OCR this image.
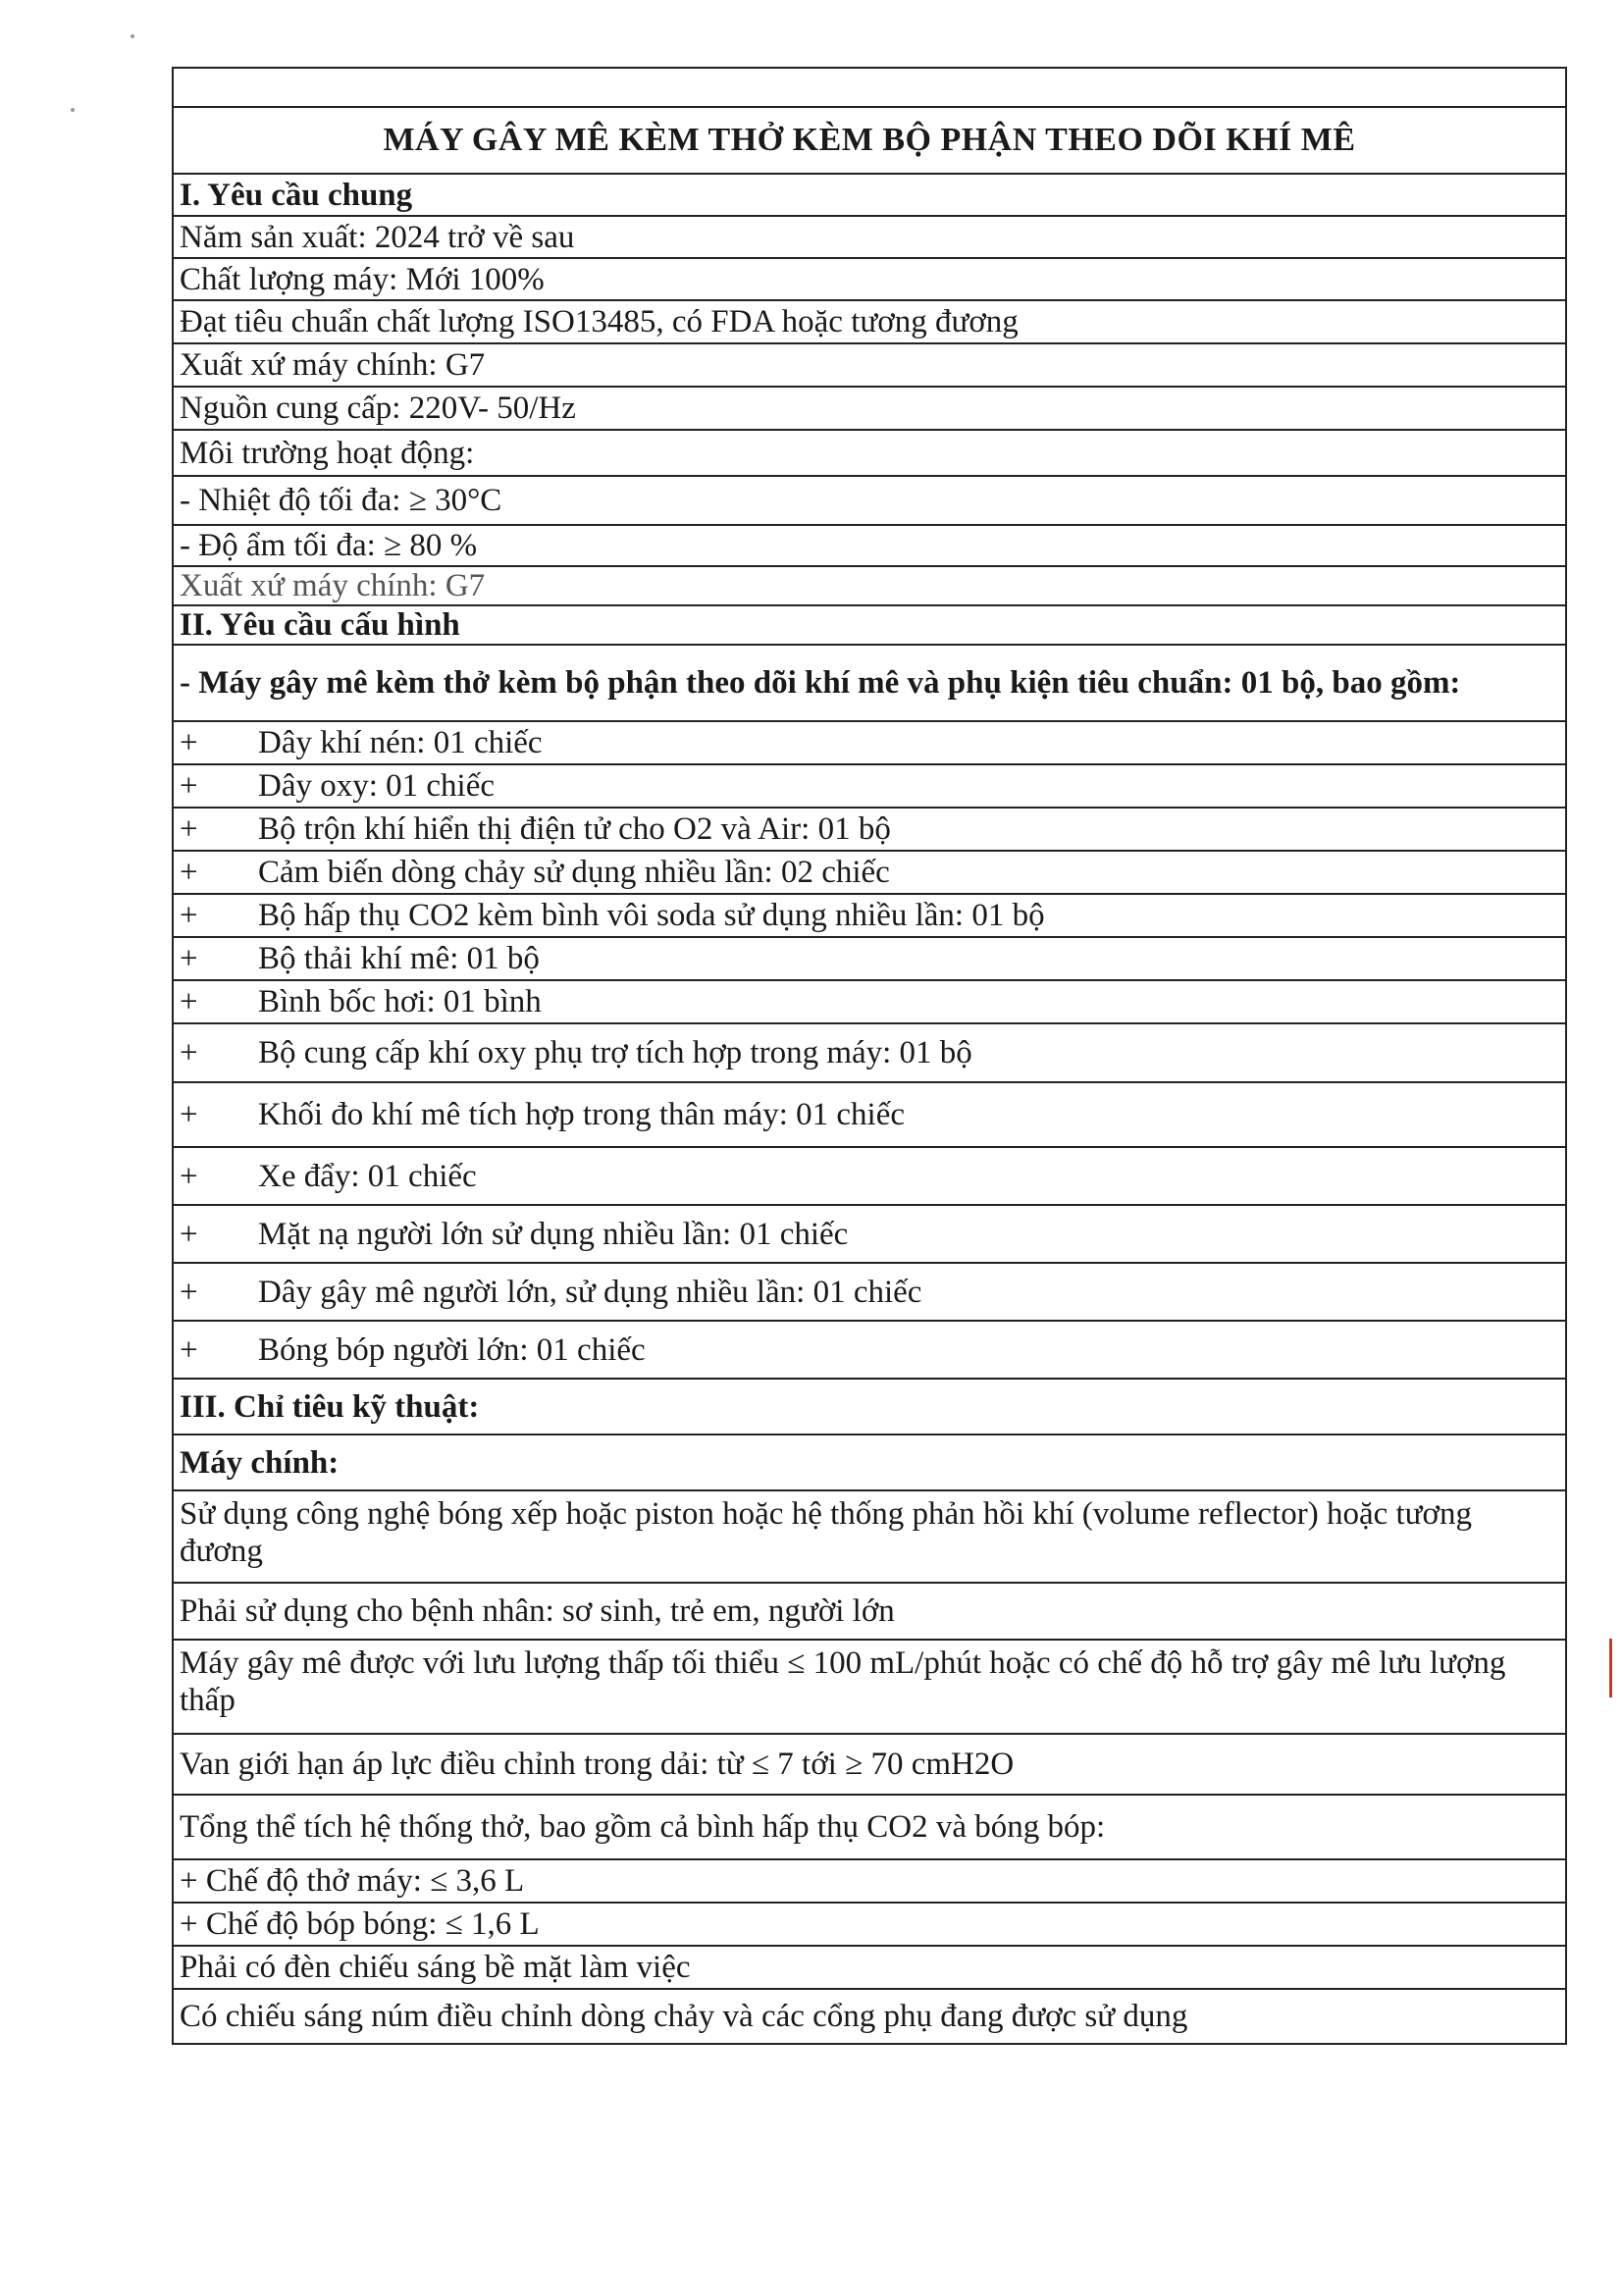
MÁY GÂY MÊ KÈM THỞ KÈM BỘ PHẬN THEO DÕI KHÍ MÊ
I. Yêu cầu chung
Năm sản xuất: 2024 trở về sau
Chất lượng máy: Mới 100%
Đạt tiêu chuẩn chất lượng ISO13485, có FDA hoặc tương đương
Xuất xứ máy chính: G7
Nguồn cung cấp: 220V- 50/Hz
Môi trường hoạt động:
- Nhiệt độ tối đa: ≥ 30°C
- Độ ẩm tối đa: ≥ 80 %
Xuất xứ máy chính: G7
II. Yêu cầu cấu hình
- Máy gây mê kèm thở kèm bộ phận theo dõi khí mê và phụ kiện tiêu chuẩn: 01 bộ, bao gồm:
+ Dây khí nén: 01 chiếc
+ Dây oxy: 01 chiếc
+ Bộ trộn khí hiển thị điện tử cho O2 và Air: 01 bộ
+ Cảm biến dòng chảy sử dụng nhiều lần: 02 chiếc
+ Bộ hấp thụ CO2 kèm bình vôi soda sử dụng nhiều lần: 01 bộ
+ Bộ thải khí mê: 01 bộ
+ Bình bốc hơi: 01 bình
+ Bộ cung cấp khí oxy phụ trợ tích hợp trong máy: 01 bộ
+ Khối đo khí mê tích hợp trong thân máy: 01 chiếc
+ Xe đẩy: 01 chiếc
+ Mặt nạ người lớn sử dụng nhiều lần: 01 chiếc
+ Dây gây mê người lớn, sử dụng nhiều lần: 01 chiếc
+ Bóng bóp người lớn: 01 chiếc
III. Chỉ tiêu kỹ thuật:
Máy chính:
Sử dụng công nghệ bóng xếp hoặc piston hoặc hệ thống phản hồi khí (volume reflector) hoặc tương đương
Phải sử dụng cho bệnh nhân: sơ sinh, trẻ em, người lớn
Máy gây mê được với lưu lượng thấp tối thiểu ≤ 100 mL/phút hoặc có chế độ hỗ trợ gây mê lưu lượng thấp
Van giới hạn áp lực điều chỉnh trong dải: từ ≤ 7 tới ≥ 70 cmH2O
Tổng thể tích hệ thống thở, bao gồm cả bình hấp thụ CO2 và bóng bóp:
+ Chế độ thở máy: ≤ 3,6 L
+ Chế độ bóp bóng: ≤ 1,6 L
Phải có đèn chiếu sáng bề mặt làm việc
Có chiếu sáng núm điều chỉnh dòng chảy và các cổng phụ đang được sử dụng
